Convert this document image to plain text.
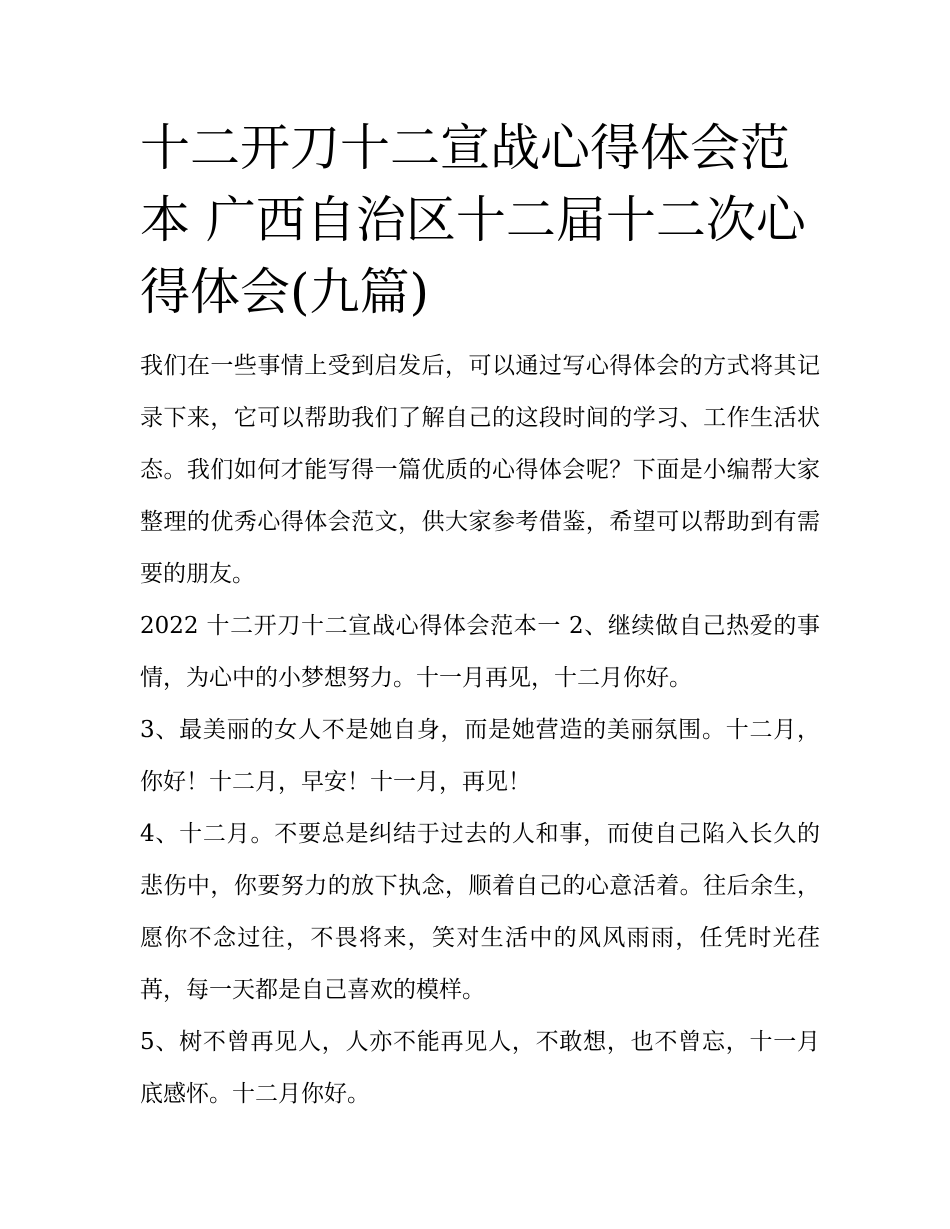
十二开刀十二宣战心得体会范本 广西自治区十二届十二次心得体会(九篇)

我们在一些事情上受到启发后，可以通过写心得体会的方式将其记录下来，它可以帮助我们了解自己的这段时间的学习、工作生活状态。我们如何才能写得一篇优质的心得体会呢？下面是小编帮大家整理的优秀心得体会范文，供大家参考借鉴，希望可以帮助到有需要的朋友。

2022 十二开刀十二宣战心得体会范本一 2、继续做自己热爱的事情，为心中的小梦想努力。十一月再见，十二月你好。

3、最美丽的女人不是她自身，而是她营造的美丽氛围。十二月，你好！十二月，早安！十一月，再见！

4、十二月。不要总是纠结于过去的人和事，而使自己陷入长久的悲伤中，你要努力的放下执念，顺着自己的心意活着。往后余生，愿你不念过往，不畏将来，笑对生活中的风风雨雨，任凭时光荏苒，每一天都是自己喜欢的模样。

5、树不曾再见人，人亦不能再见人，不敢想，也不曾忘，十一月底感怀。十二月你好。
